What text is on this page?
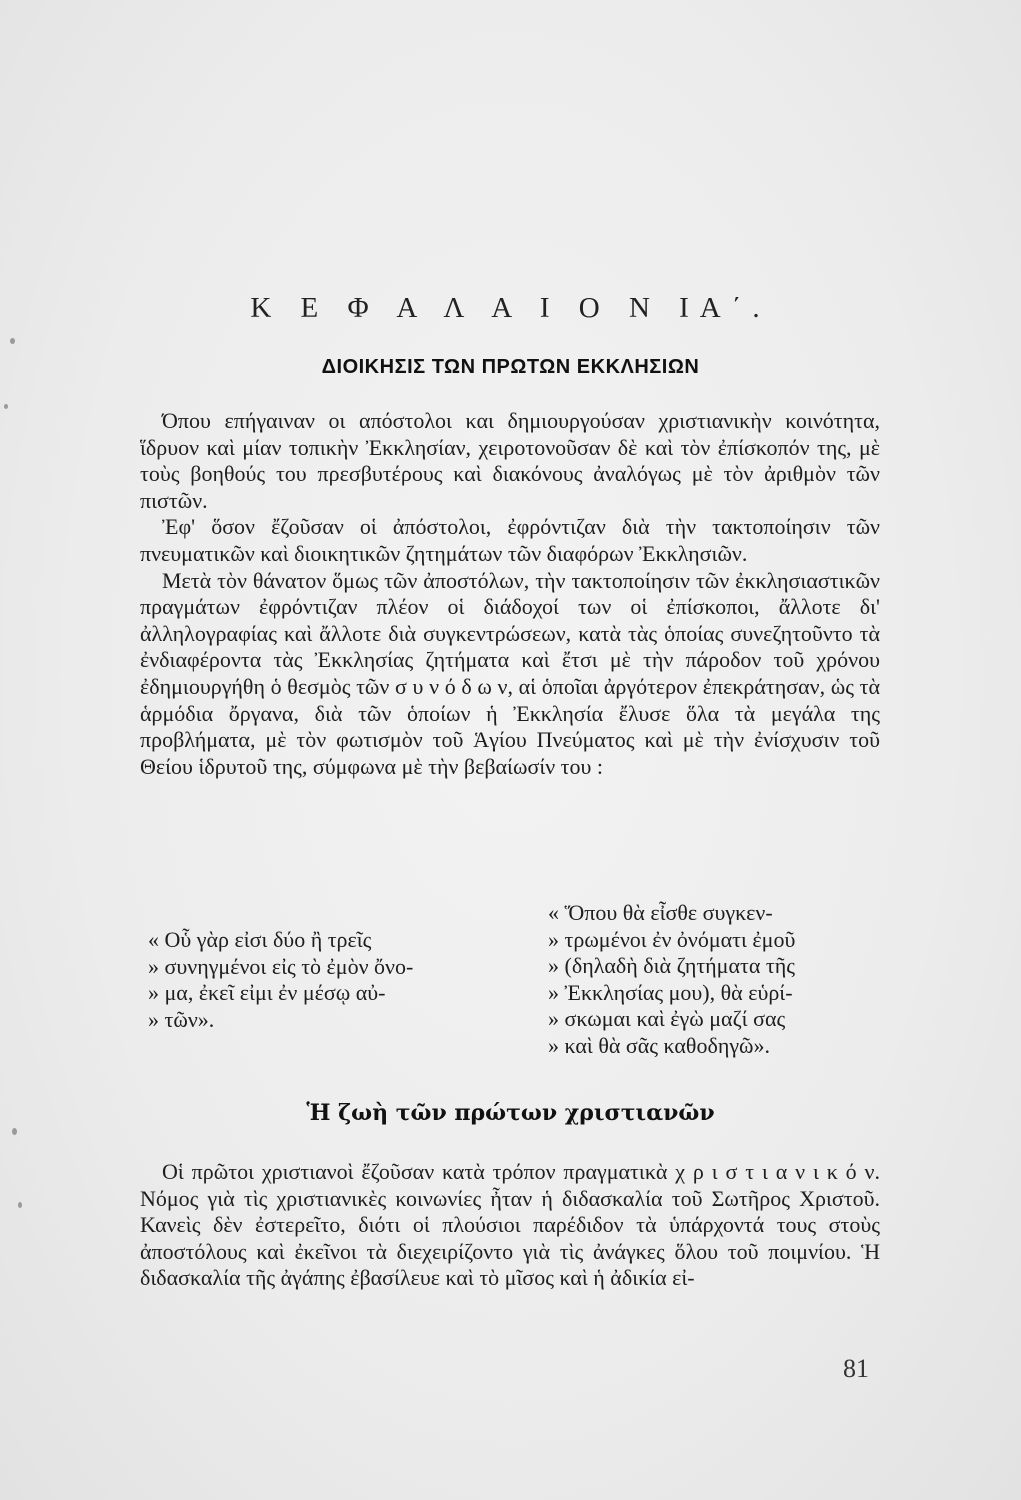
Κ Ε Φ Α Λ Α Ι Ο Ν ΙΑ΄.
ΔΙΟΙΚΗΣΙΣ ΤΩΝ ΠΡΩΤΩΝ ΕΚΚΛΗΣΙΩΝ

Όπου επήγαιναν οι απόστολοι και δημιουργούσαν χριστιανικὴν κοινότητα, ἵδρυον καὶ μίαν τοπικὴν Ἐκκλησίαν, χειροτονοῦσαν δὲ καὶ τὸν ἐπίσκοπόν της, μὲ τοὺς βοηθούς του πρεσβυτέρους καὶ διακόνους ἀναλόγως μὲ τὸν ἀριθμὸν τῶν πιστῶν.

Ἐφ' ὅσον ἔζοῦσαν οἱ ἀπόστολοι, ἐφρόντιζαν διὰ τὴν τακτοποίησιν τῶν πνευματικῶν καὶ διοικητικῶν ζητημάτων τῶν διαφόρων Ἐκκλησιῶν.

Μετὰ τὸν θάνατον ὅμως τῶν ἀποστόλων, τὴν τακτοποίησιν τῶν ἐκκλησιαστικῶν πραγμάτων ἐφρόντιζαν πλέον οἱ διάδοχοί των οἱ ἐπίσκοποι, ἄλλοτε δι' ἀλληλογραφίας καὶ ἄλλοτε διὰ συγκεντρώσεων, κατὰ τὰς ὁποίας συνεζητοῦντο τὰ ἐνδιαφέροντα τὰς Ἐκκλησίας ζητήματα καὶ ἔτσι μὲ τὴν πάροδον τοῦ χρόνου ἐδημιουργήθη ὁ θεσμὸς τῶν σ υ ν ό δ ω ν, αἱ ὁποῖαι ἀργότερον ἐπεκράτησαν, ὡς τὰ ἁρμόδια ὄργανα, διὰ τῶν ὁποίων ἡ Ἐκκλησία ἔλυσε ὅλα τὰ μεγάλα της προβλήματα, μὲ τὸν φωτισμὸν τοῦ Ἁγίου Πνεύματος καὶ μὲ τὴν ἐνίσχυσιν τοῦ Θείου ἱδρυτοῦ της, σύμφωνα μὲ τὴν βεβαίωσίν του :

« Οὗ γὰρ εἰσι δύο ἢ τρεῖς
» συνηγμένοι εἰς τὸ ἐμὸν ὄνο-
» μα, ἐκεῖ εἰμι ἐν μέσῳ αὐ-
» τῶν».
« Ὅπου θὰ εἶσθε συγκεν-
» τρωμένοι ἐν ὀνόματι ἐμοῦ
» (δηλαδὴ διὰ ζητήματα τῆς
» Ἐκκλησίας μου), θὰ εὑρί-
» σκωμαι καὶ ἐγὼ μαζί σας
» καὶ θὰ σᾶς καθοδηγῶ».
Ἡ ζωὴ τῶν πρώτων χριστιανῶν

Οἱ πρῶτοι χριστιανοὶ ἔζοῦσαν κατὰ τρόπον πραγματικὰ χ ρ ι σ τ ι α ν ι κ ό ν. Νόμος γιὰ τὶς χριστιανικὲς κοινωνίες ἦταν ἡ διδασκαλία τοῦ Σωτῆρος Χριστοῦ. Κανεὶς δὲν ἐστερεῖτο, διότι οἱ πλούσιοι παρέδιδον τὰ ὑπάρχοντά τους στοὺς ἀποστόλους καὶ ἐκεῖνοι τὰ διεχειρίζοντο γιὰ τὶς ἀνάγκες ὅλου τοῦ ποιμνίου. Ἡ διδασκαλία τῆς ἀγάπης ἐβασίλευε καὶ τὸ μῖσος καὶ ἡ ἀδικία εἰ-

81
